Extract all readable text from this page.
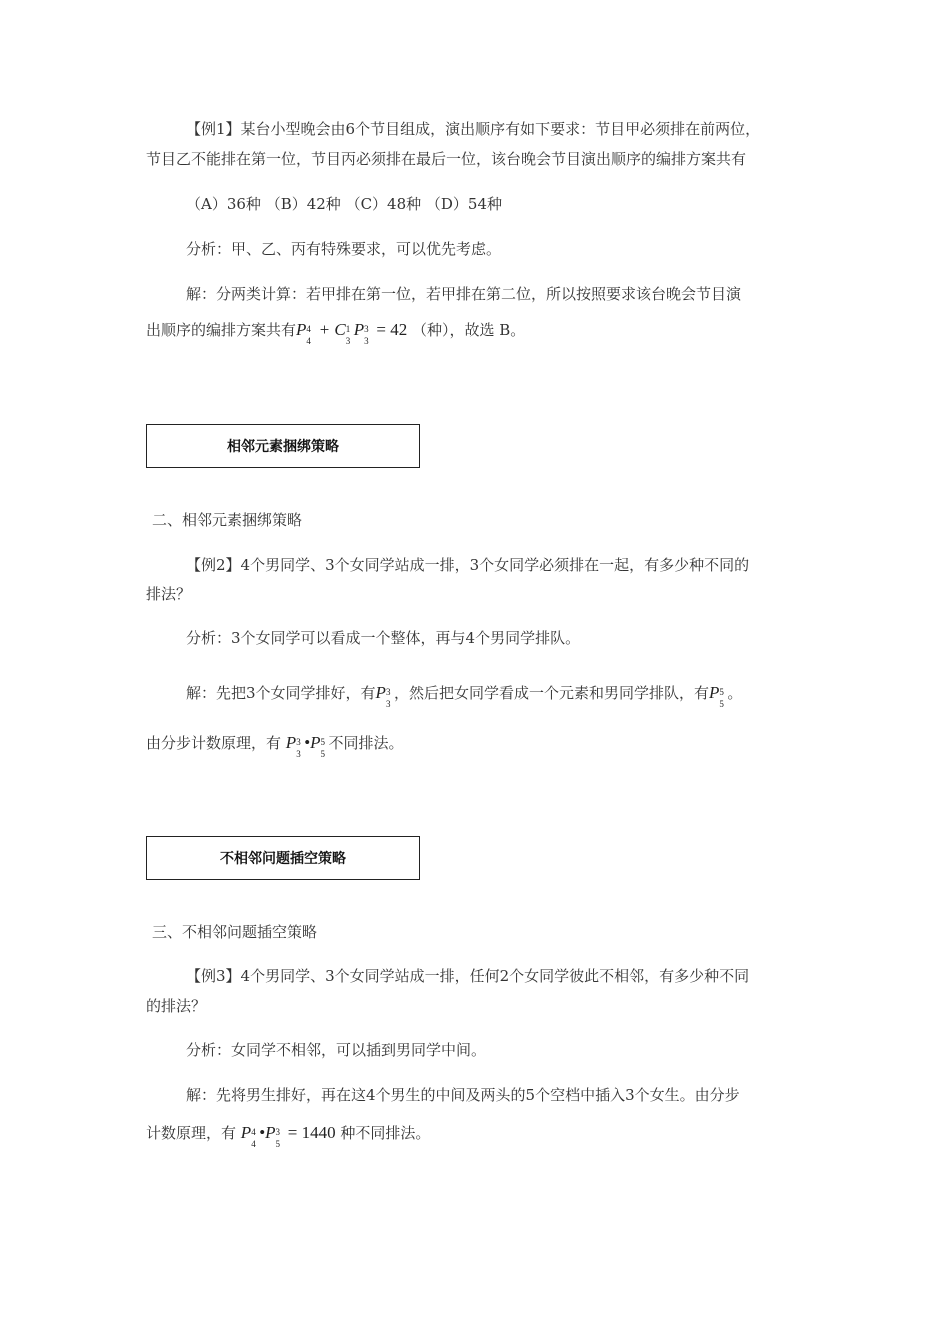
【例1】某台小型晚会由6个节目组成，演出顺序有如下要求：节目甲必须排在前两位，
节目乙不能排在第一位，节目丙必须排在最后一位，该台晚会节目演出顺序的编排方案共有
（A）36种 （B）42种 （C）48种 （D）54种
分析：甲、乙、丙有特殊要求，可以优先考虑。
解：分两类计算：若甲排在第一位，若甲排在第二位，所以按照要求该台晚会节目演
出顺序的编排方案共有P 4
4
+ C 1
3
P 3
3
= 42 （种），故选 B。
相邻元素捆绑策略
二、相邻元素捆绑策略
【例2】4个男同学、3个女同学站成一排，3个女同学必须排在一起，有多少种不同的
排法？
分析：3个女同学可以看成一个整体，再与4个男同学排队。
解：先把3个女同学排好，有P 3
3
，然后把女同学看成一个元素和男同学排队，有P 5
5
。
由分步计数原理，有 P 3
3
•P 5
5
不同排法。
不相邻问题插空策略
三、不相邻问题插空策略
【例3】4个男同学、3个女同学站成一排，任何2个女同学彼此不相邻，有多少种不同
的排法？
分析：女同学不相邻，可以插到男同学中间。
解：先将男生排好，再在这4个男生的中间及两头的5个空档中插入3个女生。由分步
计数原理，有 P 4
4
•P 3
5
= 1440 种不同排法。
